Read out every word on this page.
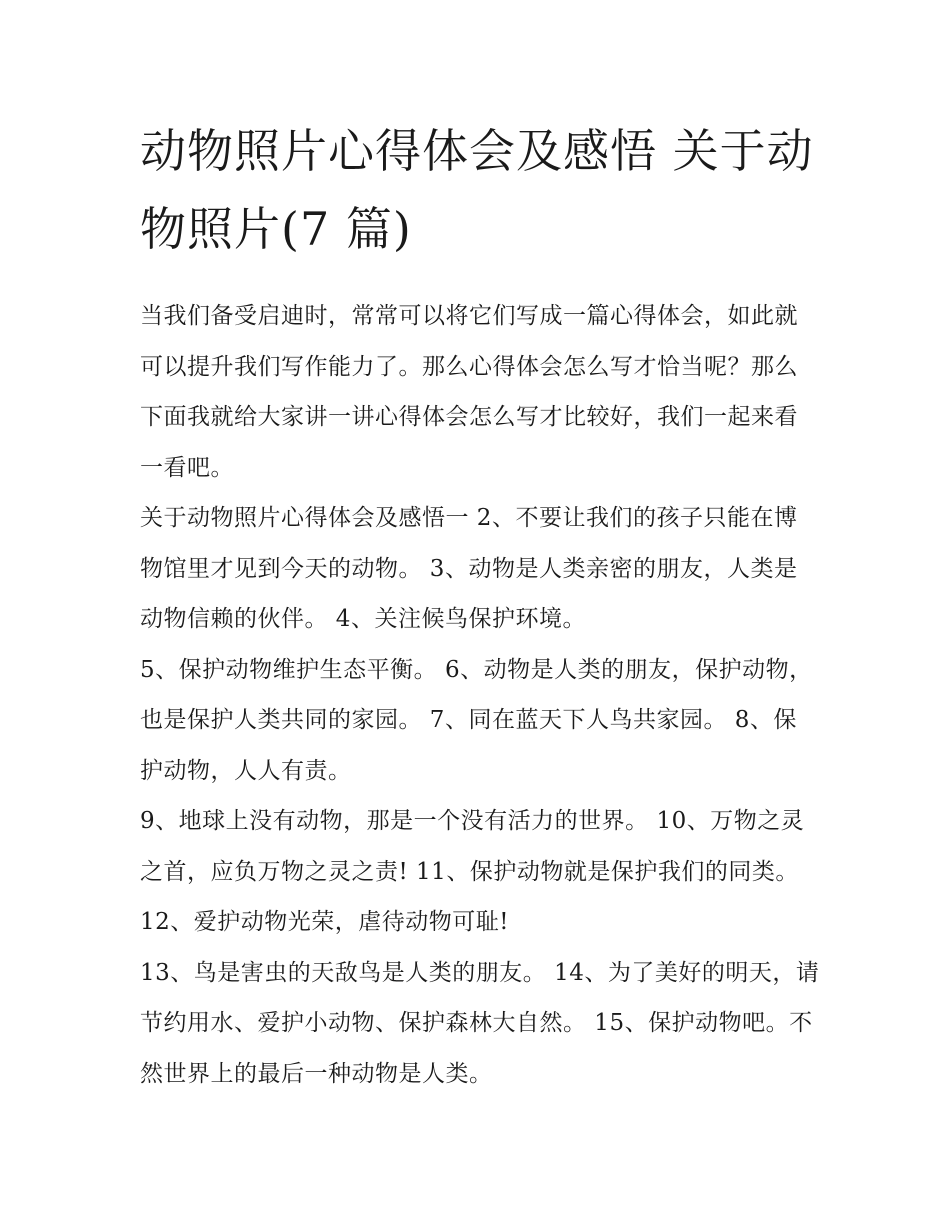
动物照片心得体会及感悟 关于动物照片(7 篇)

当我们备受启迪时，常常可以将它们写成一篇心得体会，如此就可以提升我们写作能力了。那么心得体会怎么写才恰当呢？那么下面我就给大家讲一讲心得体会怎么写才比较好，我们一起来看一看吧。

关于动物照片心得体会及感悟一 2、不要让我们的孩子只能在博物馆里才见到今天的动物。 3、动物是人类亲密的朋友，人类是动物信赖的伙伴。 4、关注候鸟保护环境。

5、保护动物维护生态平衡。 6、动物是人类的朋友，保护动物，也是保护人类共同的家园。 7、同在蓝天下人鸟共家园。 8、保护动物，人人有责。

9、地球上没有动物，那是一个没有活力的世界。 10、万物之灵之首，应负万物之灵之责! 11、保护动物就是保护我们的同类。 12、爱护动物光荣，虐待动物可耻!

13、鸟是害虫的天敌鸟是人类的朋友。 14、为了美好的明天，请节约用水、爱护小动物、保护森林大自然。 15、保护动物吧。不然世界上的最后一种动物是人类。
